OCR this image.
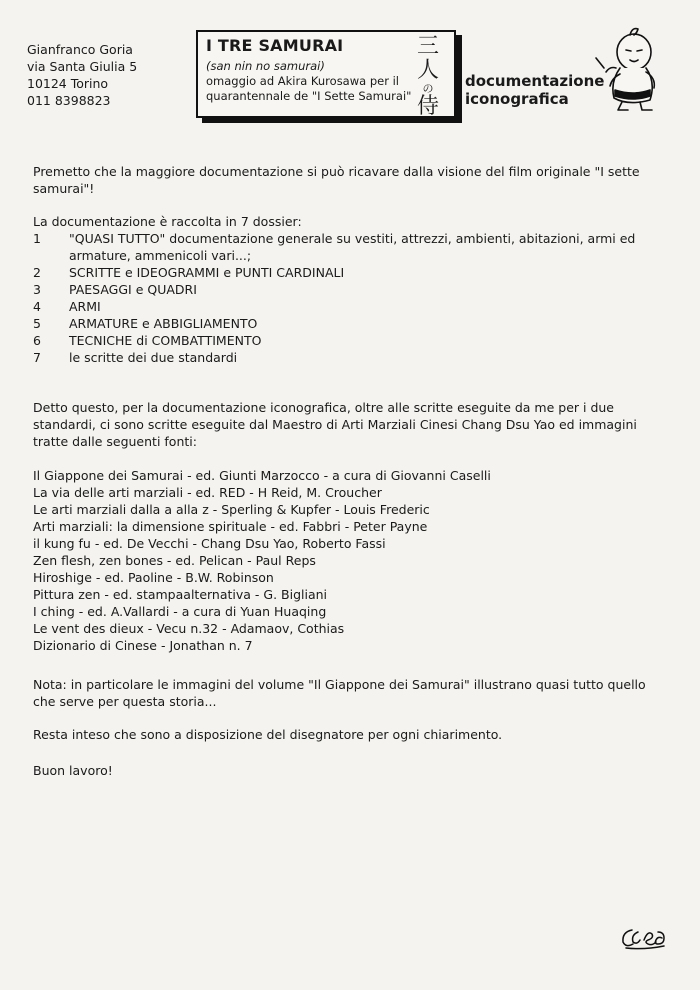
Gianfranco Goria
via Santa Giulia 5
10124 Torino
011 8398823
I TRE SAMURAI
(san nin no samurai)
omaggio ad Akira Kurosawa per il
quarantennale de "I Sette Samurai"
三
人
の
侍
documentazione
iconografica
Premetto che la maggiore documentazione si può ricavare dalla visione del film originale "I sette samurai"!
La documentazione è raccolta in 7 dossier:
1	"QUASI TUTTO" documentazione generale su vestiti, attrezzi, ambienti, abitazioni, armi ed armature, ammenicoli vari...;
2	SCRITTE e IDEOGRAMMI e PUNTI CARDINALI
3	PAESAGGI e QUADRI
4	ARMI
5	ARMATURE e ABBIGLIAMENTO
6	TECNICHE di COMBATTIMENTO
7	le scritte dei due standardi
Detto questo, per la documentazione iconografica, oltre alle scritte eseguite da me per i due standardi, ci sono scritte eseguite dal Maestro di Arti Marziali Cinesi Chang Dsu Yao ed immagini tratte dalle seguenti fonti:
Il Giappone dei Samurai - ed. Giunti Marzocco - a cura di Giovanni Caselli
La via delle arti marziali - ed. RED - H Reid, M. Croucher
Le arti marziali dalla a alla z - Sperling & Kupfer - Louis Frederic
Arti marziali: la dimensione spirituale - ed. Fabbri - Peter Payne
il kung fu - ed. De Vecchi - Chang Dsu Yao, Roberto Fassi
Zen flesh, zen bones - ed. Pelican - Paul Reps
Hiroshige - ed. Paoline - B.W. Robinson
Pittura zen - ed. stampaalternativa - G. Bigliani
I ching - ed. A.Vallardi - a cura di Yuan Huaqing
Le vent des dieux - Vecu n.32 - Adamaov, Cothias
Dizionario di Cinese - Jonathan n. 7
Nota: in particolare le immagini del volume "Il Giappone dei Samurai" illustrano quasi tutto quello che serve per questa storia...
Resta inteso che sono a disposizione del disegnatore per ogni chiarimento.
Buon lavoro!
